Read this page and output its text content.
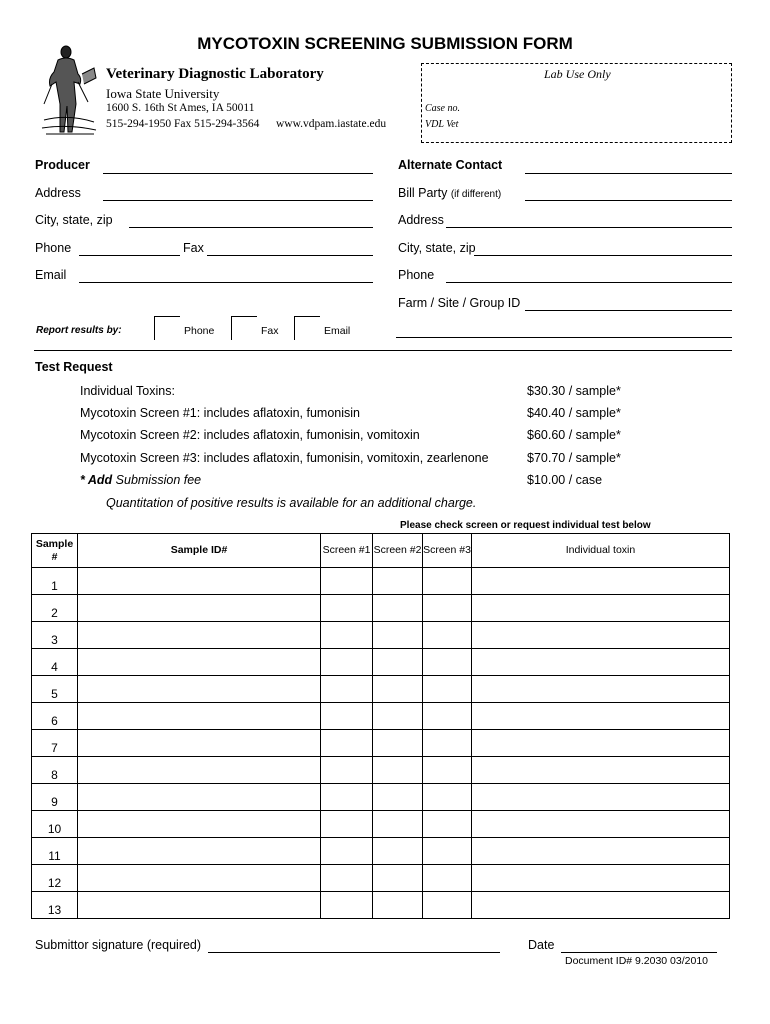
MYCOTOXIN SCREENING SUBMISSION FORM
Veterinary Diagnostic Laboratory
Iowa State University
1600 S. 16th St Ames, IA 50011
515-294-1950 Fax 515-294-3564 www.vdpam.iastate.edu
Lab Use Only
Case no.
VDL Vet
Producer
Address
City, state, zip
Phone	Fax
Email
Alternate Contact
Bill Party (if different)
Address
City, state, zip
Phone
Farm / Site / Group ID
Report results by:	Phone	Fax	Email
Test Request
Individual Toxins:	$30.30 / sample*
Mycotoxin Screen #1: includes aflatoxin, fumonisin	$40.40 / sample*
Mycotoxin Screen #2: includes aflatoxin, fumonisin, vomitoxin	$60.60 / sample*
Mycotoxin Screen #3: includes aflatoxin, fumonisin, vomitoxin, zearlenone	$70.70 / sample*
* Add Submission fee	$10.00 / case
Quantitation of positive results is available for an additional charge.
Please check screen or request individual test below
Sample #	Sample ID#	Screen #1	Screen #2	Screen #3	Individual toxin
1					
2					
3					
4					
5					
6					
7					
8					
9					
10					
11					
12					
13					
Submittor signature (required)	Date
Document ID# 9.2030 03/2010
